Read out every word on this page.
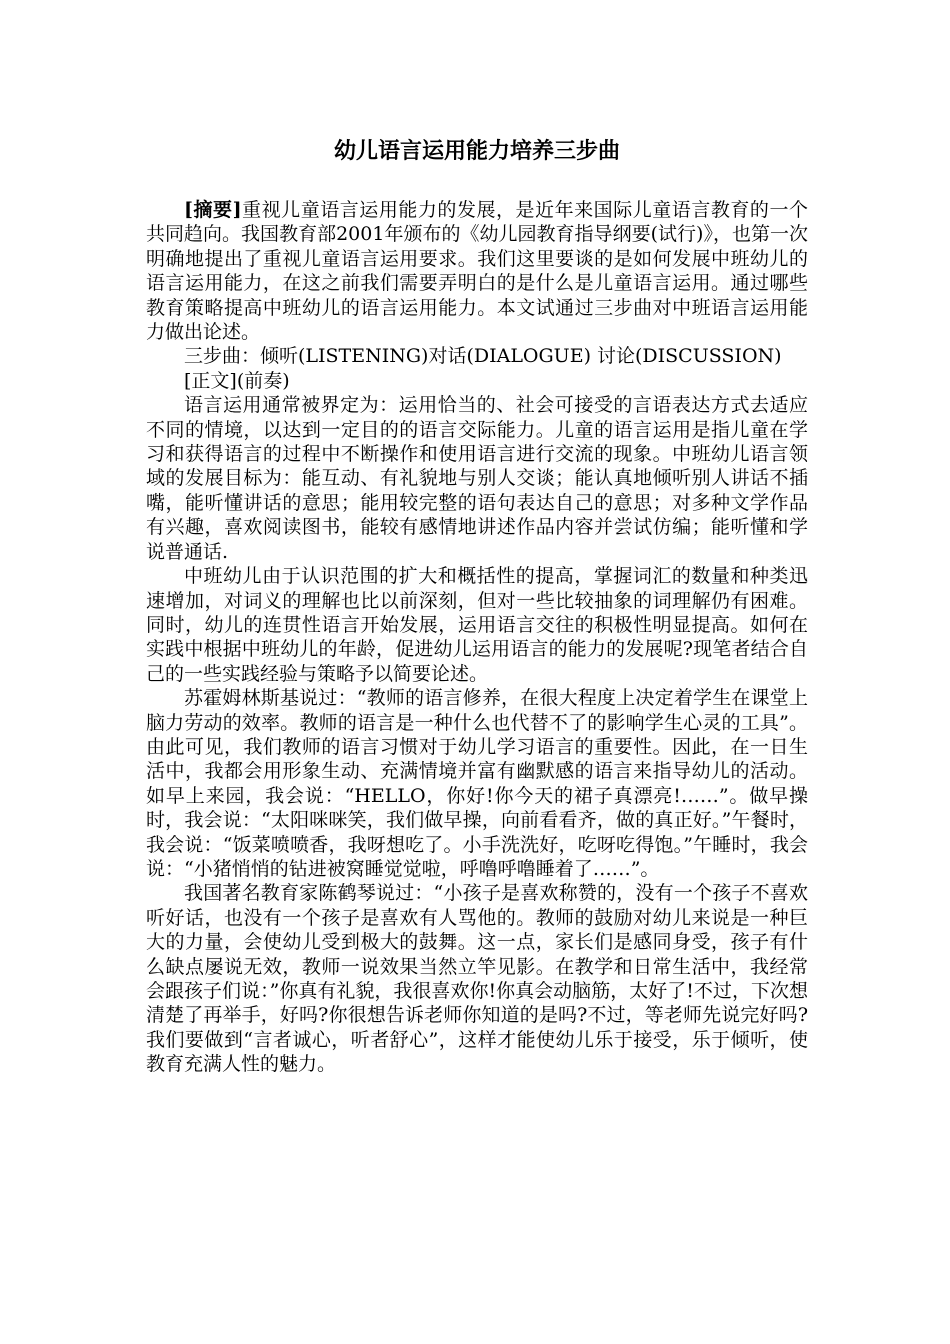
幼儿语言运用能力培养三步曲

[摘要]重视儿童语言运用能力的发展，是近年来国际儿童语言教育的一个共同趋向。我国教育部2001年颁布的《幼儿园教育指导纲要(试行)》，也第一次明确地提出了重视儿童语言运用要求。我们这里要谈的是如何发展中班幼儿的语言运用能力，在这之前我们需要弄明白的是什么是儿童语言运用。通过哪些教育策略提高中班幼儿的语言运用能力。本文试通过三步曲对中班语言运用能力做出论述。

三步曲：倾听(LISTENING)对话(DIALOGUE) 讨论(DISCUSSION)

[正文](前奏)

语言运用通常被界定为：运用恰当的、社会可接受的言语表达方式去适应不同的情境，以达到一定目的的语言交际能力。儿童的语言运用是指儿童在学习和获得语言的过程中不断操作和使用语言进行交流的现象。中班幼儿语言领域的发展目标为：能互动、有礼貌地与别人交谈；能认真地倾听别人讲话不插嘴，能听懂讲话的意思；能用较完整的语句表达自己的意思；对多种文学作品有兴趣，喜欢阅读图书，能较有感情地讲述作品内容并尝试仿编；能听懂和学说普通话.

中班幼儿由于认识范围的扩大和概括性的提高，掌握词汇的数量和种类迅速增加，对词义的理解也比以前深刻，但对一些比较抽象的词理解仍有困难。同时，幼儿的连贯性语言开始发展，运用语言交往的积极性明显提高。如何在实践中根据中班幼儿的年龄，促进幼儿运用语言的能力的发展呢?现笔者结合自己的一些实践经验与策略予以简要论述。

苏霍姆林斯基说过：“教师的语言修养，在很大程度上决定着学生在课堂上脑力劳动的效率。教师的语言是一种什么也代替不了的影响学生心灵的工具”。由此可见，我们教师的语言习惯对于幼儿学习语言的重要性。因此，在一日生活中，我都会用形象生动、充满情境并富有幽默感的语言来指导幼儿的活动。如早上来园，我会说：“HELLO，你好!你今天的裙子真漂亮!……”。做早操时，我会说：“太阳咪咪笑，我们做早操，向前看看齐，做的真正好。”午餐时，我会说：“饭菜喷喷香，我呀想吃了。小手洗洗好，吃呀吃得饱。”午睡时，我会说：“小猪悄悄的钻进被窝睡觉觉啦，呼噜呼噜睡着了……”。

我国著名教育家陈鹤琴说过：“小孩子是喜欢称赞的，没有一个孩子不喜欢听好话，也没有一个孩子是喜欢有人骂他的。教师的鼓励对幼儿来说是一种巨大的力量，会使幼儿受到极大的鼓舞。这一点，家长们是感同身受，孩子有什么缺点屡说无效，教师一说效果当然立竿见影。在教学和日常生活中，我经常会跟孩子们说：”你真有礼貌，我很喜欢你!你真会动脑筋，太好了!不过，下次想清楚了再举手，好吗?你很想告诉老师你知道的是吗?不过，等老师先说完好吗?我们要做到“言者诚心，听者舒心”，这样才能使幼儿乐于接受，乐于倾听，使教育充满人性的魅力。
